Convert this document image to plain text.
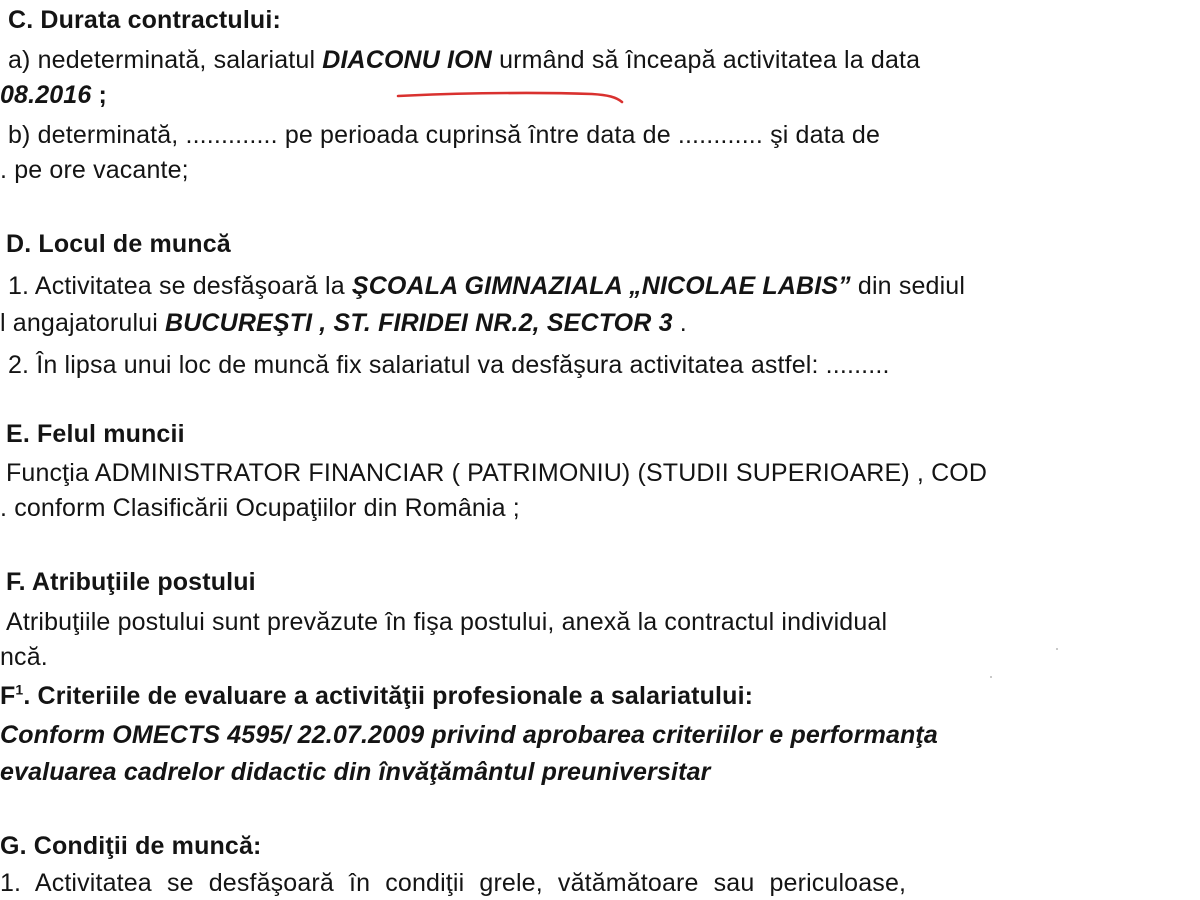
C. Durata contractului:
a) nedeterminată, salariatul DIACONU ION urmând să înceapă activitatea la data
08.2016 ;
b) determinată, ............. pe perioada cuprinsă între data de ............ şi data de
. pe ore vacante;
D. Locul de muncă
1. Activitatea se desfăşoară la ŞCOALA GIMNAZIALA „NICOLAE LABIS” din sediul
l angajatorului BUCUREŞTI , ST. FIRIDEI NR.2, SECTOR 3 .
2. În lipsa unui loc de muncă fix salariatul va desfăşura activitatea astfel: .........
E. Felul muncii
Funcţia ADMINISTRATOR FINANCIAR ( PATRIMONIU) (STUDII SUPERIOARE) , COD
. conform Clasificării Ocupaţiilor din România ;
F. Atribuţiile postului
Atribuţiile postului sunt prevăzute în fişa postului, anexă la contractul individual
ncă.
$F^1$. Criteriile de evaluare a activităţii profesionale a salariatului:
Conform OMECTS 4595/ 22.07.2009 privind aprobarea criteriilor e performanţa
evaluarea cadrelor didactic din învăţământul preuniversitar
G. Condiţii de muncă:
1. Activitatea se desfăşoară în condiţii grele, vătămătoare sau periculoase,
